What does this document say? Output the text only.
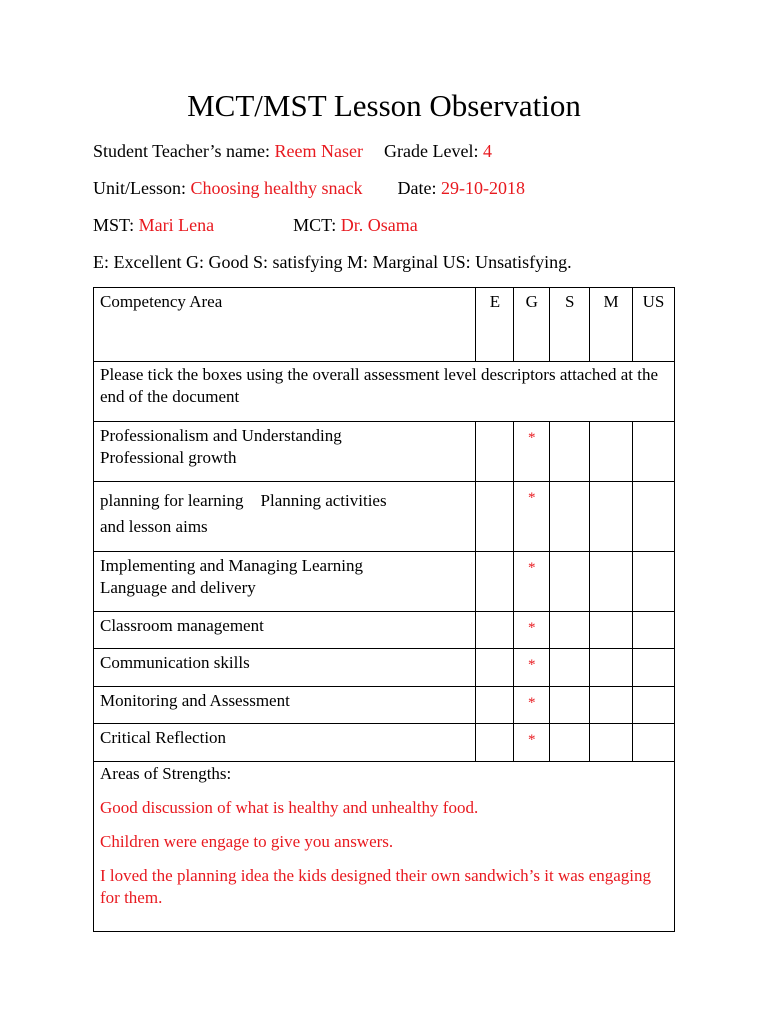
MCT/MST Lesson Observation
Student Teacher’s name: Reem Naser Grade Level: 4
Unit/Lesson: Choosing healthy snack Date: 29-10-2018
MST: Mari Lena	MCT: Dr. Osama
E: Excellent G: Good S: satisfying M: Marginal US: Unsatisfying.
Competency Area	E	G	S	M	US
Please tick the boxes using the overall assessment level descriptors attached at the end of the document					

Professionalism and Understanding
Professional growth		*			

planning for learning    Planning activities
and lesson aims		*			

Implementing and Managing Learning
Language and delivery		*			
Classroom management		*			
Communication skills		*			
Monitoring and Assessment		*			
Critical Reflection		*			

Areas of Strengths:
Good discussion of what is healthy and unhealthy food.
Children were engage to give you answers.
I loved the planning idea the kids designed their own sandwich’s it was engaging for them.					
